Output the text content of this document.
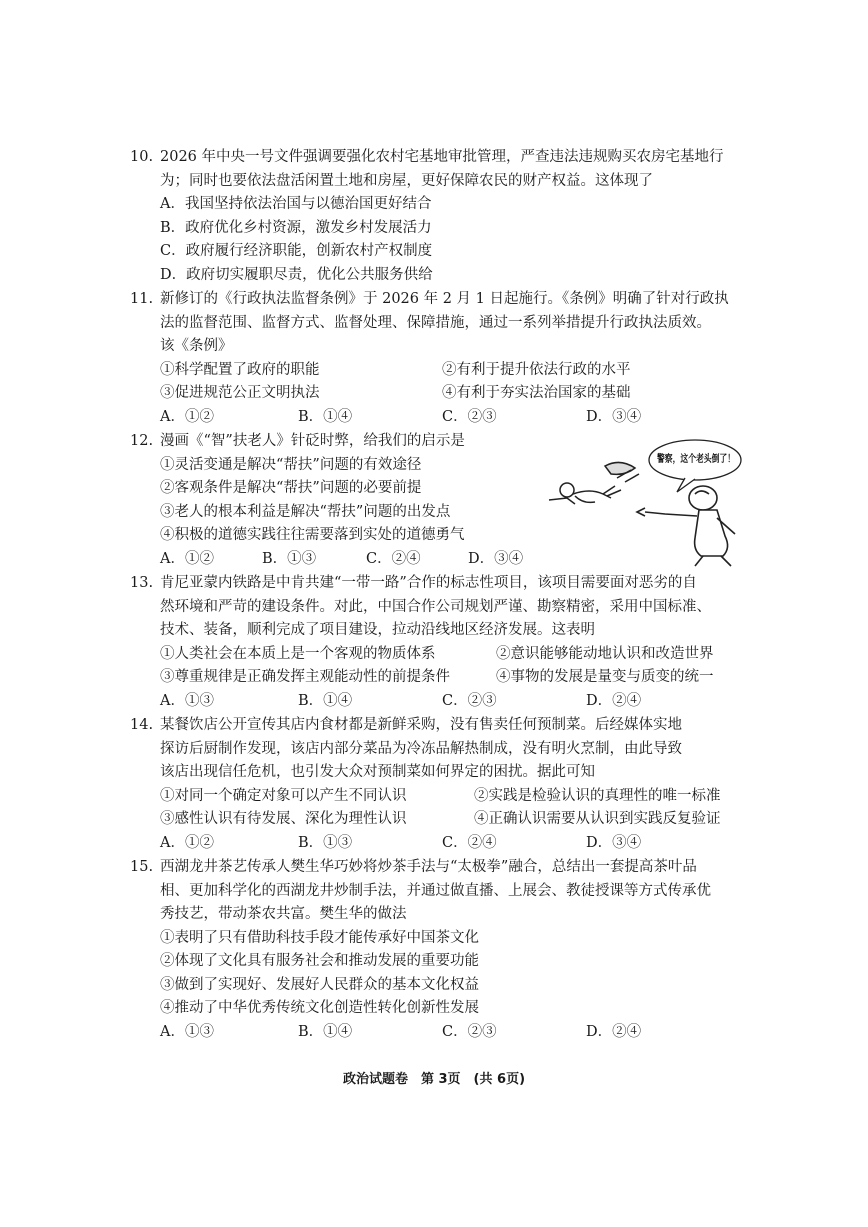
10. 2026 年中央一号文件强调要强化农村宅基地审批管理，严查违法违规购买农房宅基地行
为；同时也要依法盘活闲置土地和房屋，更好保障农民的财产权益。这体现了
A．我国坚持依法治国与以德治国更好结合
B．政府优化乡村资源，激发乡村发展活力
C．政府履行经济职能，创新农村产权制度
D．政府切实履职尽责，优化公共服务供给
11. 新修订的《行政执法监督条例》于 2026 年 2 月 1 日起施行。《条例》明确了针对行政执
法的监督范围、监督方式、监督处理、保障措施，通过一系列举措提升行政执法质效。
该《条例》
①科学配置了政府的职能	②有利于提升依法行政的水平
③促进规范公正文明执法	④有利于夯实法治国家的基础
A．①②	B．①④	C．②③	D．③④
12. 漫画《“智”扶老人》针砭时弊，给我们的启示是
①灵活变通是解决“帮扶”问题的有效途径
②客观条件是解决“帮扶”问题的必要前提
③老人的根本利益是解决“帮扶”问题的出发点
④积极的道德实践往往需要落到实处的道德勇气
A．①②	B．①③	C．②④	D．③④
警察，这个老头倒了！
13. 肯尼亚蒙内铁路是中肯共建“一带一路”合作的标志性项目，该项目需要面对恶劣的自
然环境和严苛的建设条件。对此，中国合作公司规划严谨、勘察精密，采用中国标准、
技术、装备，顺利完成了项目建设，拉动沿线地区经济发展。这表明
①人类社会在本质上是一个客观的物质体系	②意识能够能动地认识和改造世界
③尊重规律是正确发挥主观能动性的前提条件	④事物的发展是量变与质变的统一
A．①③	B．①④	C．②③	D．②④
14. 某餐饮店公开宣传其店内食材都是新鲜采购，没有售卖任何预制菜。后经媒体实地
探访后厨制作发现，该店内部分菜品为冷冻品解热制成，没有明火烹制，由此导致
该店出现信任危机，也引发大众对预制菜如何界定的困扰。据此可知
①对同一个确定对象可以产生不同认识	②实践是检验认识的真理性的唯一标准
③感性认识有待发展、深化为理性认识	④正确认识需要从认识到实践反复验证
A．①②	B．①③	C．②④	D．③④
15. 西湖龙井茶艺传承人樊生华巧妙将炒茶手法与“太极拳”融合，总结出一套提高茶叶品
相、更加科学化的西湖龙井炒制手法，并通过做直播、上展会、教徒授课等方式传承优
秀技艺，带动茶农共富。樊生华的做法
①表明了只有借助科技手段才能传承好中国茶文化
②体现了文化具有服务社会和推动发展的重要功能
③做到了实现好、发展好人民群众的基本文化权益
④推动了中华优秀传统文化创造性转化创新性发展
A．①③	B．①④	C．②③	D．②④
政治试题卷　第 3页　(共 6页)
